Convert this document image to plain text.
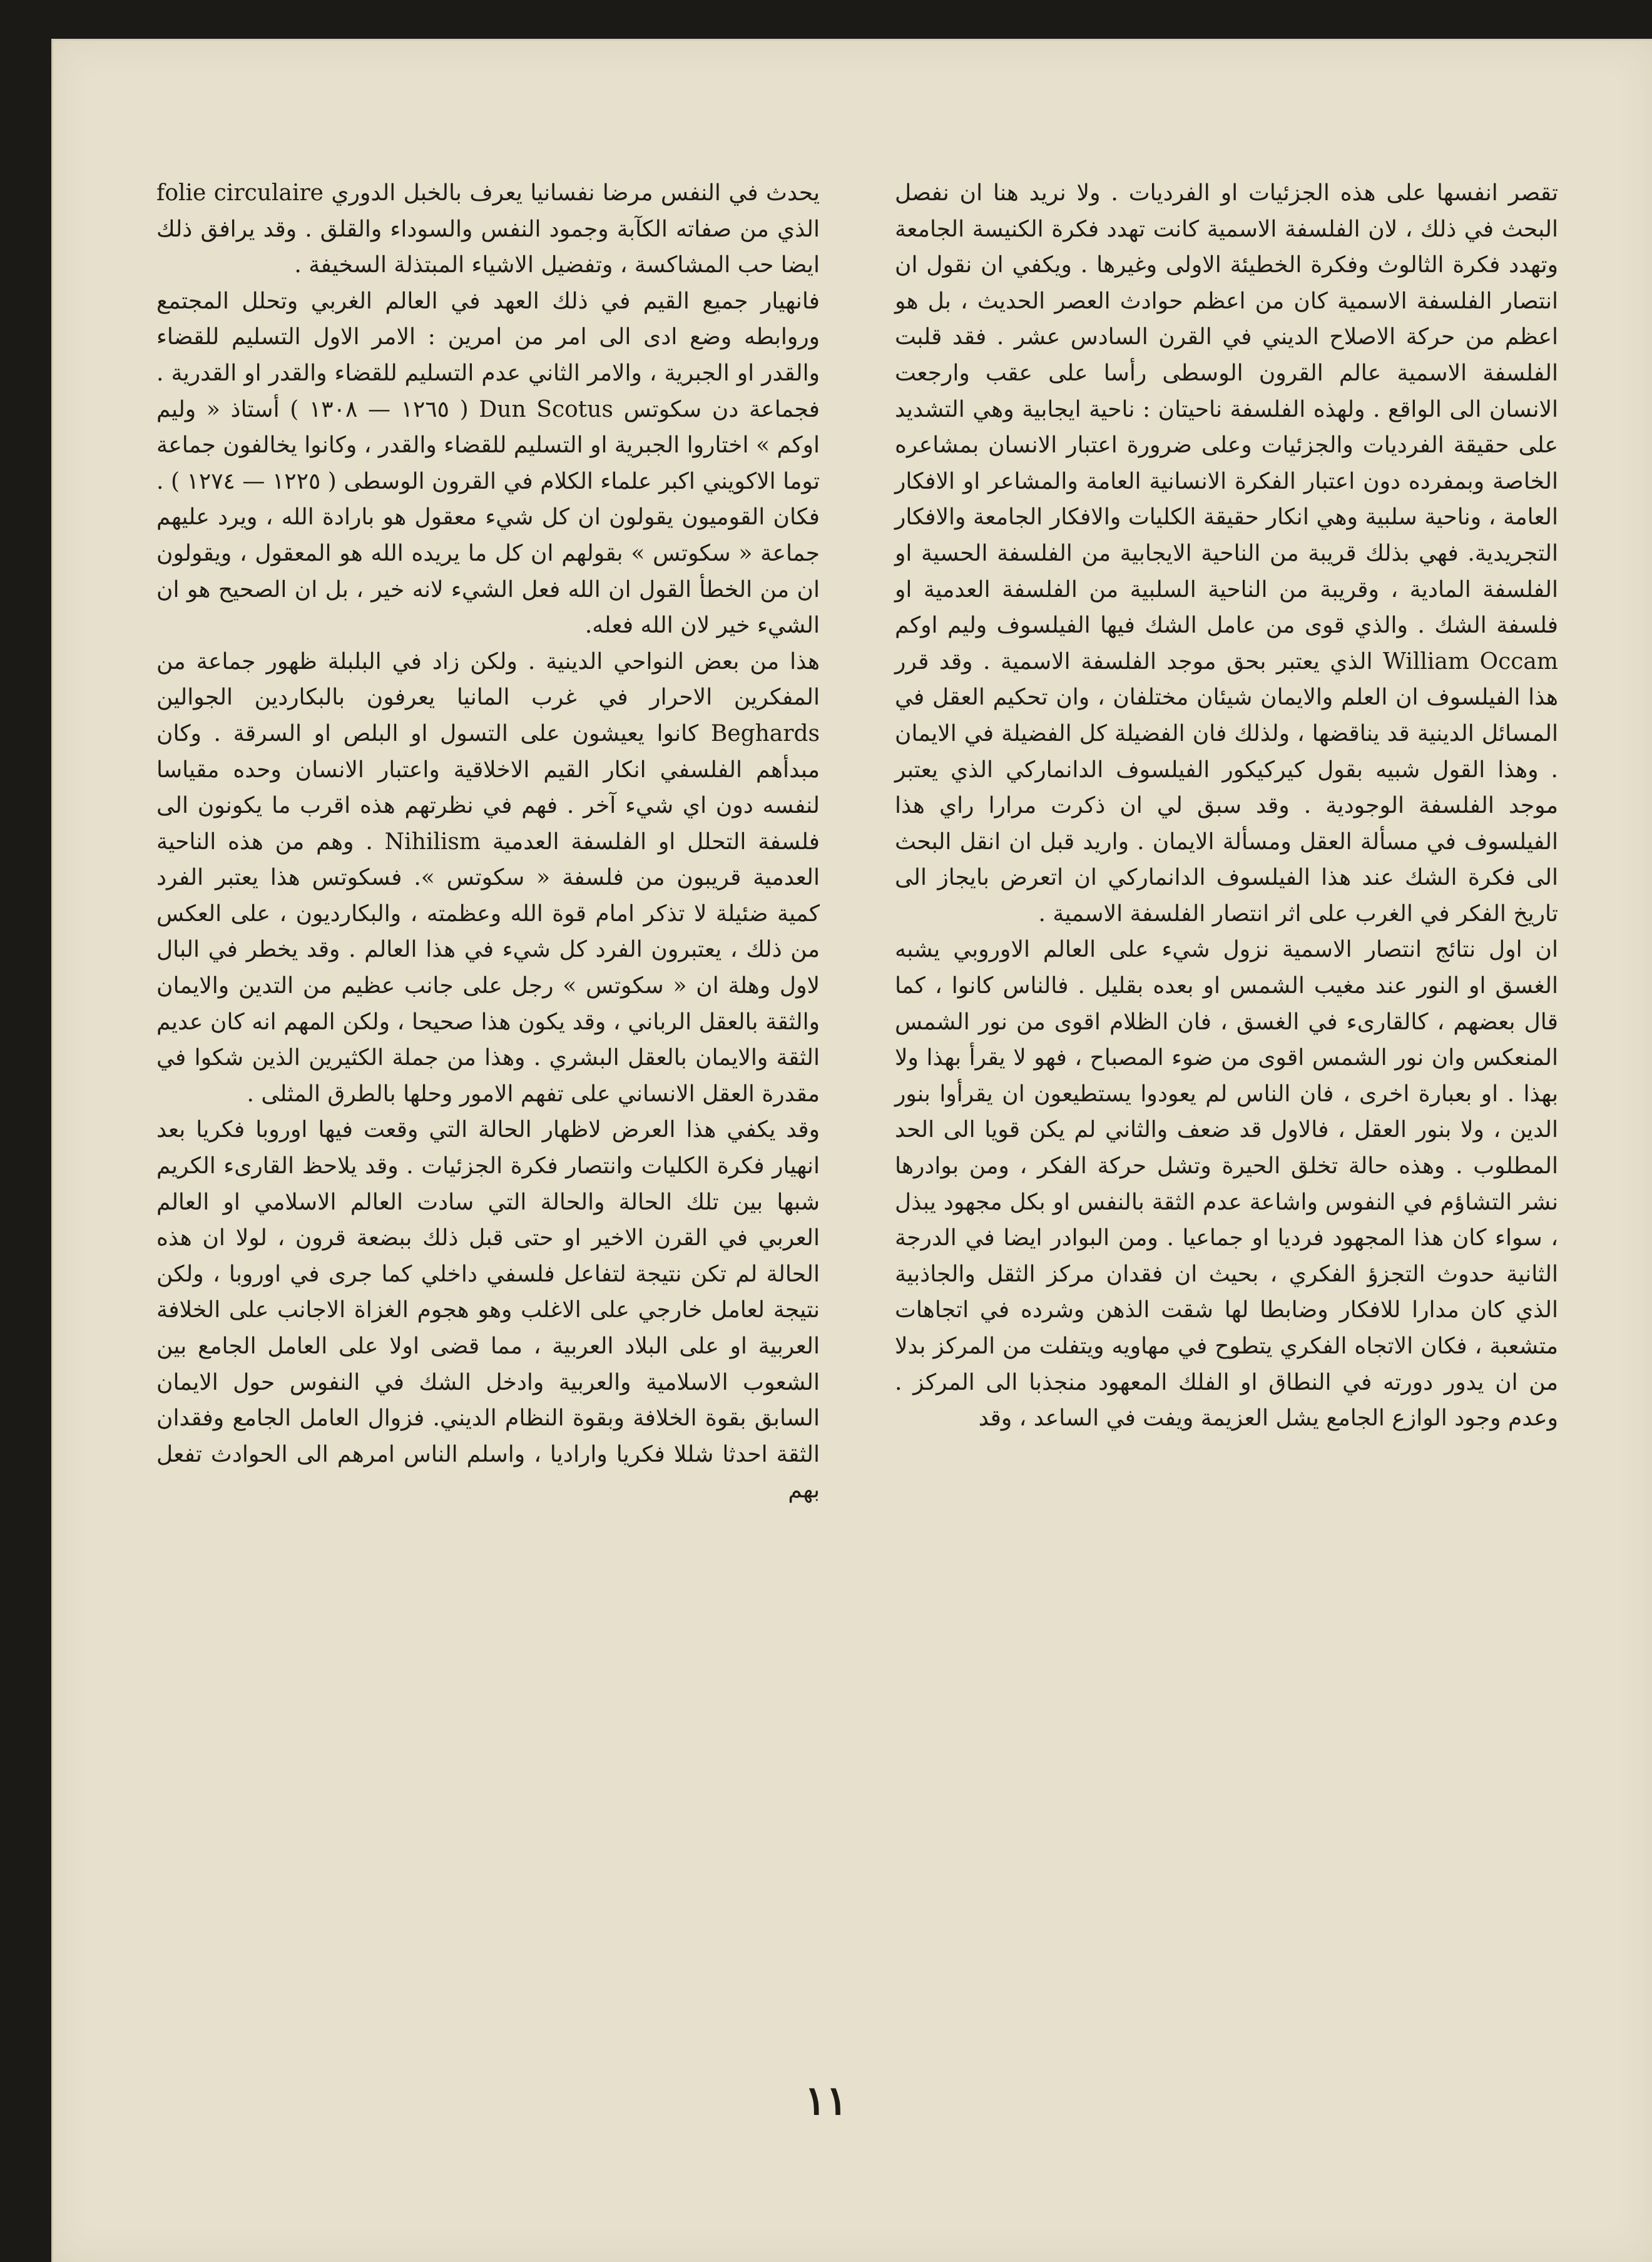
تقصر انفسها على هذه الجزئيات او الفرديات . ولا نريد هنا ان نفصل البحث في ذلك ، لان الفلسفة الاسمية كانت تهدد فكرة الكنيسة الجامعة وتهدد فكرة الثالوث وفكرة الخطيئة الاولى وغيرها . ويكفي ان نقول ان انتصار الفلسفة الاسمية كان من اعظم حوادث العصر الحديث ، بل هو اعظم من حركة الاصلاح الديني في القرن السادس عشر . فقد قلبت الفلسفة الاسمية عالم القرون الوسطى رأسا على عقب وارجعت الانسان الى الواقع . ولهذه الفلسفة ناحيتان : ناحية ايجابية وهي التشديد على حقيقة الفرديات والجزئيات وعلى ضرورة اعتبار الانسان بمشاعره الخاصة وبمفرده دون اعتبار الفكرة الانسانية العامة والمشاعر او الافكار العامة ، وناحية سلبية وهي انكار حقيقة الكليات والافكار الجامعة والافكار التجريدية. فهي بذلك قريبة من الناحية الايجابية من الفلسفة الحسية او الفلسفة المادية ، وقريبة من الناحية السلبية من الفلسفة العدمية او فلسفة الشك . والذي قوى من عامل الشك فيها الفيلسوف وليم اوكم William Occam الذي يعتبر بحق موجد الفلسفة الاسمية . وقد قرر هذا الفيلسوف ان العلم والايمان شيئان مختلفان ، وان تحكيم العقل في المسائل الدينية قد يناقضها ، ولذلك فان الفضيلة كل الفضيلة في الايمان . وهذا القول شبيه بقول كيركيكور الفيلسوف الدانماركي الذي يعتبر موجد الفلسفة الوجودية . وقد سبق لي ان ذكرت مرارا راي هذا الفيلسوف في مسألة العقل ومسألة الايمان . واريد قبل ان انقل البحث الى فكرة الشك عند هذا الفيلسوف الدانماركي ان اتعرض بايجاز الى تاريخ الفكر في الغرب على اثر انتصار الفلسفة الاسمية .

ان اول نتائج انتصار الاسمية نزول شيء على العالم الاوروبي يشبه الغسق او النور عند مغيب الشمس او بعده بقليل . فالناس كانوا ، كما قال بعضهم ، كالقارىء في الغسق ، فان الظلام اقوى من نور الشمس المنعكس وان نور الشمس اقوى من ضوء المصباح ، فهو لا يقرأ بهذا ولا بهذا . او بعبارة اخرى ، فان الناس لم يعودوا يستطيعون ان يقرأوا بنور الدين ، ولا بنور العقل ، فالاول قد ضعف والثاني لم يكن قويا الى الحد المطلوب . وهذه حالة تخلق الحيرة وتشل حركة الفكر ، ومن بوادرها نشر التشاؤم في النفوس واشاعة عدم الثقة بالنفس او بكل مجهود يبذل ، سواء كان هذا المجهود فرديا او جماعيا . ومن البوادر ايضا في الدرجة الثانية حدوث التجزؤ الفكري ، بحيث ان فقدان مركز الثقل والجاذبية الذي كان مدارا للافكار وضابطا لها شقت الذهن وشرده في اتجاهات متشعبة ، فكان الاتجاه الفكري يتطوح في مهاويه ويتفلت من المركز بدلا من ان يدور دورته في النطاق او الفلك المعهود منجذبا الى المركز . وعدم وجود الوازع الجامع يشل العزيمة ويفت في الساعد ، وقد

يحدث في النفس مرضا نفسانيا يعرف بالخبل الدوري folie circulaire الذي من صفاته الكآبة وجمود النفس والسوداء والقلق . وقد يرافق ذلك ايضا حب المشاكسة ، وتفضيل الاشياء المبتذلة السخيفة .

فانهيار جميع القيم في ذلك العهد في العالم الغربي وتحلل المجتمع وروابطه وضع ادى الى امر من امرين : الامر الاول التسليم للقضاء والقدر او الجبرية ، والامر الثاني عدم التسليم للقضاء والقدر او القدرية . فجماعة دن سكوتس Dun Scotus ( ١٢٦٥ — ١٣٠٨ ) أستاذ « وليم اوكم » اختاروا الجبرية او التسليم للقضاء والقدر ، وكانوا يخالفون جماعة توما الاكويني اكبر علماء الكلام في القرون الوسطى ( ١٢٢٥ — ١٢٧٤ ) . فكان القوميون يقولون ان كل شيء معقول هو بارادة الله ، ويرد عليهم جماعة « سكوتس » بقولهم ان كل ما يريده الله هو المعقول ، ويقولون ان من الخطأ القول ان الله فعل الشيء لانه خير ، بل ان الصحيح هو ان الشيء خير لان الله فعله.

هذا من بعض النواحي الدينية . ولكن زاد في البلبلة ظهور جماعة من المفكرين الاحرار في غرب المانيا يعرفون بالبكاردين الجوالين Beghards كانوا يعيشون على التسول او البلص او السرقة . وكان مبدأهم الفلسفي انكار القيم الاخلاقية واعتبار الانسان وحده مقياسا لنفسه دون اي شيء آخر . فهم في نظرتهم هذه اقرب ما يكونون الى فلسفة التحلل او الفلسفة العدمية Nihilism . وهم من هذه الناحية العدمية قريبون من فلسفة « سكوتس ». فسكوتس هذا يعتبر الفرد كمية ضئيلة لا تذكر امام قوة الله وعظمته ، والبكارديون ، على العكس من ذلك ، يعتبرون الفرد كل شيء في هذا العالم . وقد يخطر في البال لاول وهلة ان « سكوتس » رجل على جانب عظيم من التدين والايمان والثقة بالعقل الرباني ، وقد يكون هذا صحيحا ، ولكن المهم انه كان عديم الثقة والايمان بالعقل البشري . وهذا من جملة الكثيرين الذين شكوا في مقدرة العقل الانساني على تفهم الامور وحلها بالطرق المثلى .

وقد يكفي هذا العرض لاظهار الحالة التي وقعت فيها اوروبا فكريا بعد انهيار فكرة الكليات وانتصار فكرة الجزئيات . وقد يلاحظ القارىء الكريم شبها بين تلك الحالة والحالة التي سادت العالم الاسلامي او العالم العربي في القرن الاخير او حتى قبل ذلك ببضعة قرون ، لولا ان هذه الحالة لم تكن نتيجة لتفاعل فلسفي داخلي كما جرى في اوروبا ، ولكن نتيجة لعامل خارجي على الاغلب وهو هجوم الغزاة الاجانب على الخلافة العربية او على البلاد العربية ، مما قضى اولا على العامل الجامع بين الشعوب الاسلامية والعربية وادخل الشك في النفوس حول الايمان السابق بقوة الخلافة وبقوة النظام الديني. فزوال العامل الجامع وفقدان الثقة احدثا شللا فكريا واراديا ، واسلم الناس امرهم الى الحوادث تفعل بهم

١١
